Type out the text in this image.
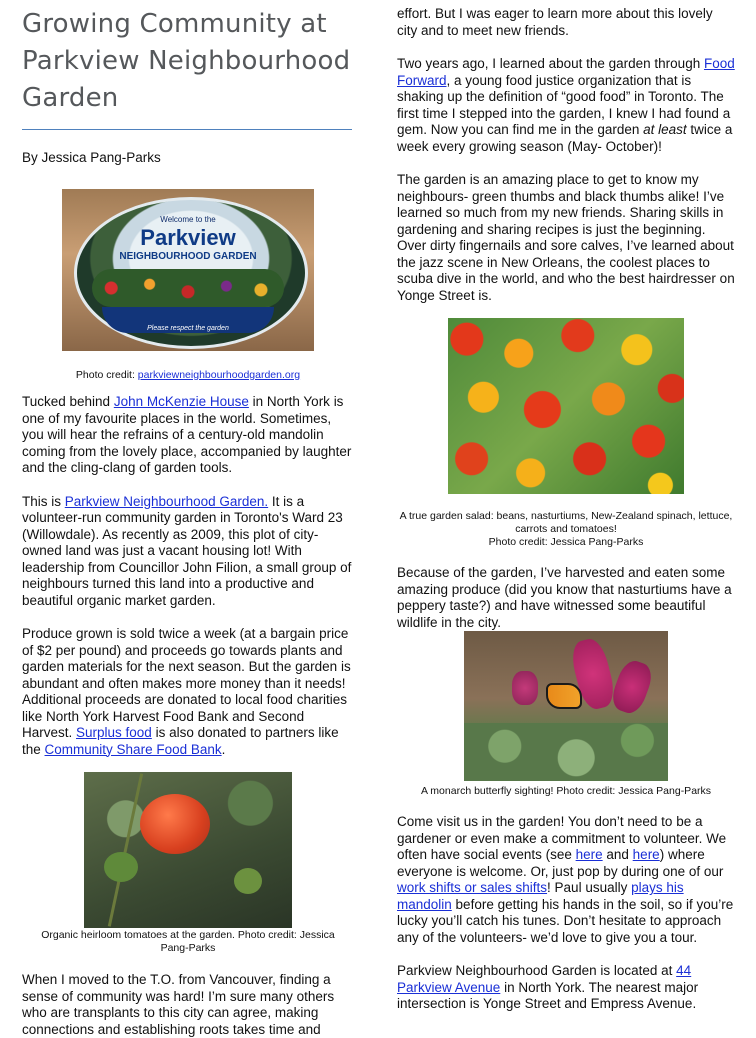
Growing Community at Parkview Neighbourhood Garden
By Jessica Pang-Parks
Welcome to the
Parkview
NEIGHBOURHOOD GARDEN
Please respect the garden

Photo credit: parkviewneighbourhoodgarden.org

Tucked behind John McKenzie House in North York is one of my favourite places in the world. Sometimes, you will hear the refrains of a century-old mandolin coming from the lovely place, accompanied by laughter and the cling-clang of garden tools.

This is Parkview Neighbourhood Garden. It is a volunteer-run community garden in Toronto's Ward 23 (Willowdale). As recently as 2009, this plot of city-owned land was just a vacant housing lot! With leadership from Councillor John Filion, a small group of neighbours turned this land into a productive and beautiful organic market garden.

Produce grown is sold twice a week (at a bargain price of $2 per pound) and proceeds go towards plants and garden materials for the next season. But the garden is abundant and often makes more money than it needs! Additional proceeds are donated to local food charities like North York Harvest Food Bank and Second Harvest. Surplus food is also donated to partners like the Community Share Food Bank.

Organic heirloom tomatoes at the garden. Photo credit: Jessica Pang-Parks

When I moved to the T.O. from Vancouver, finding a sense of community was hard! I’m sure many others who are transplants to this city can agree, making connections and establishing roots takes time and

effort. But I was eager to learn more about this lovely city and to meet new friends.

Two years ago, I learned about the garden through Food Forward, a young food justice organization that is shaking up the definition of “good food” in Toronto. The first time I stepped into the garden, I knew I had found a gem. Now you can find me in the garden at least twice a week every growing season (May- October)!

The garden is an amazing place to get to know my neighbours- green thumbs and black thumbs alike! I’ve learned so much from my new friends. Sharing skills in gardening and sharing recipes is just the beginning. Over dirty fingernails and sore calves, I’ve learned about the jazz scene in New Orleans, the coolest places to scuba dive in the world, and who the best hairdresser on Yonge Street is.

A true garden salad: beans, nasturtiums, New-Zealand spinach, lettuce, carrots and tomatoes!
Photo credit: Jessica Pang-Parks

Because of the garden, I’ve harvested and eaten some amazing produce (did you know that nasturtiums have a peppery taste?) and have witnessed some beautiful wildlife in the city.

A monarch butterfly sighting! Photo credit: Jessica Pang-Parks

Come visit us in the garden! You don’t need to be a gardener or even make a commitment to volunteer. We often have social events (see here and here) where everyone is welcome. Or, just pop by during one of our work shifts or sales shifts! Paul usually plays his mandolin before getting his hands in the soil, so if you’re lucky you’ll catch his tunes. Don’t hesitate to approach any of the volunteers- we’d love to give you a tour.

Parkview Neighbourhood Garden is located at 44 Parkview Avenue in North York. The nearest major intersection is Yonge Street and Empress Avenue.
